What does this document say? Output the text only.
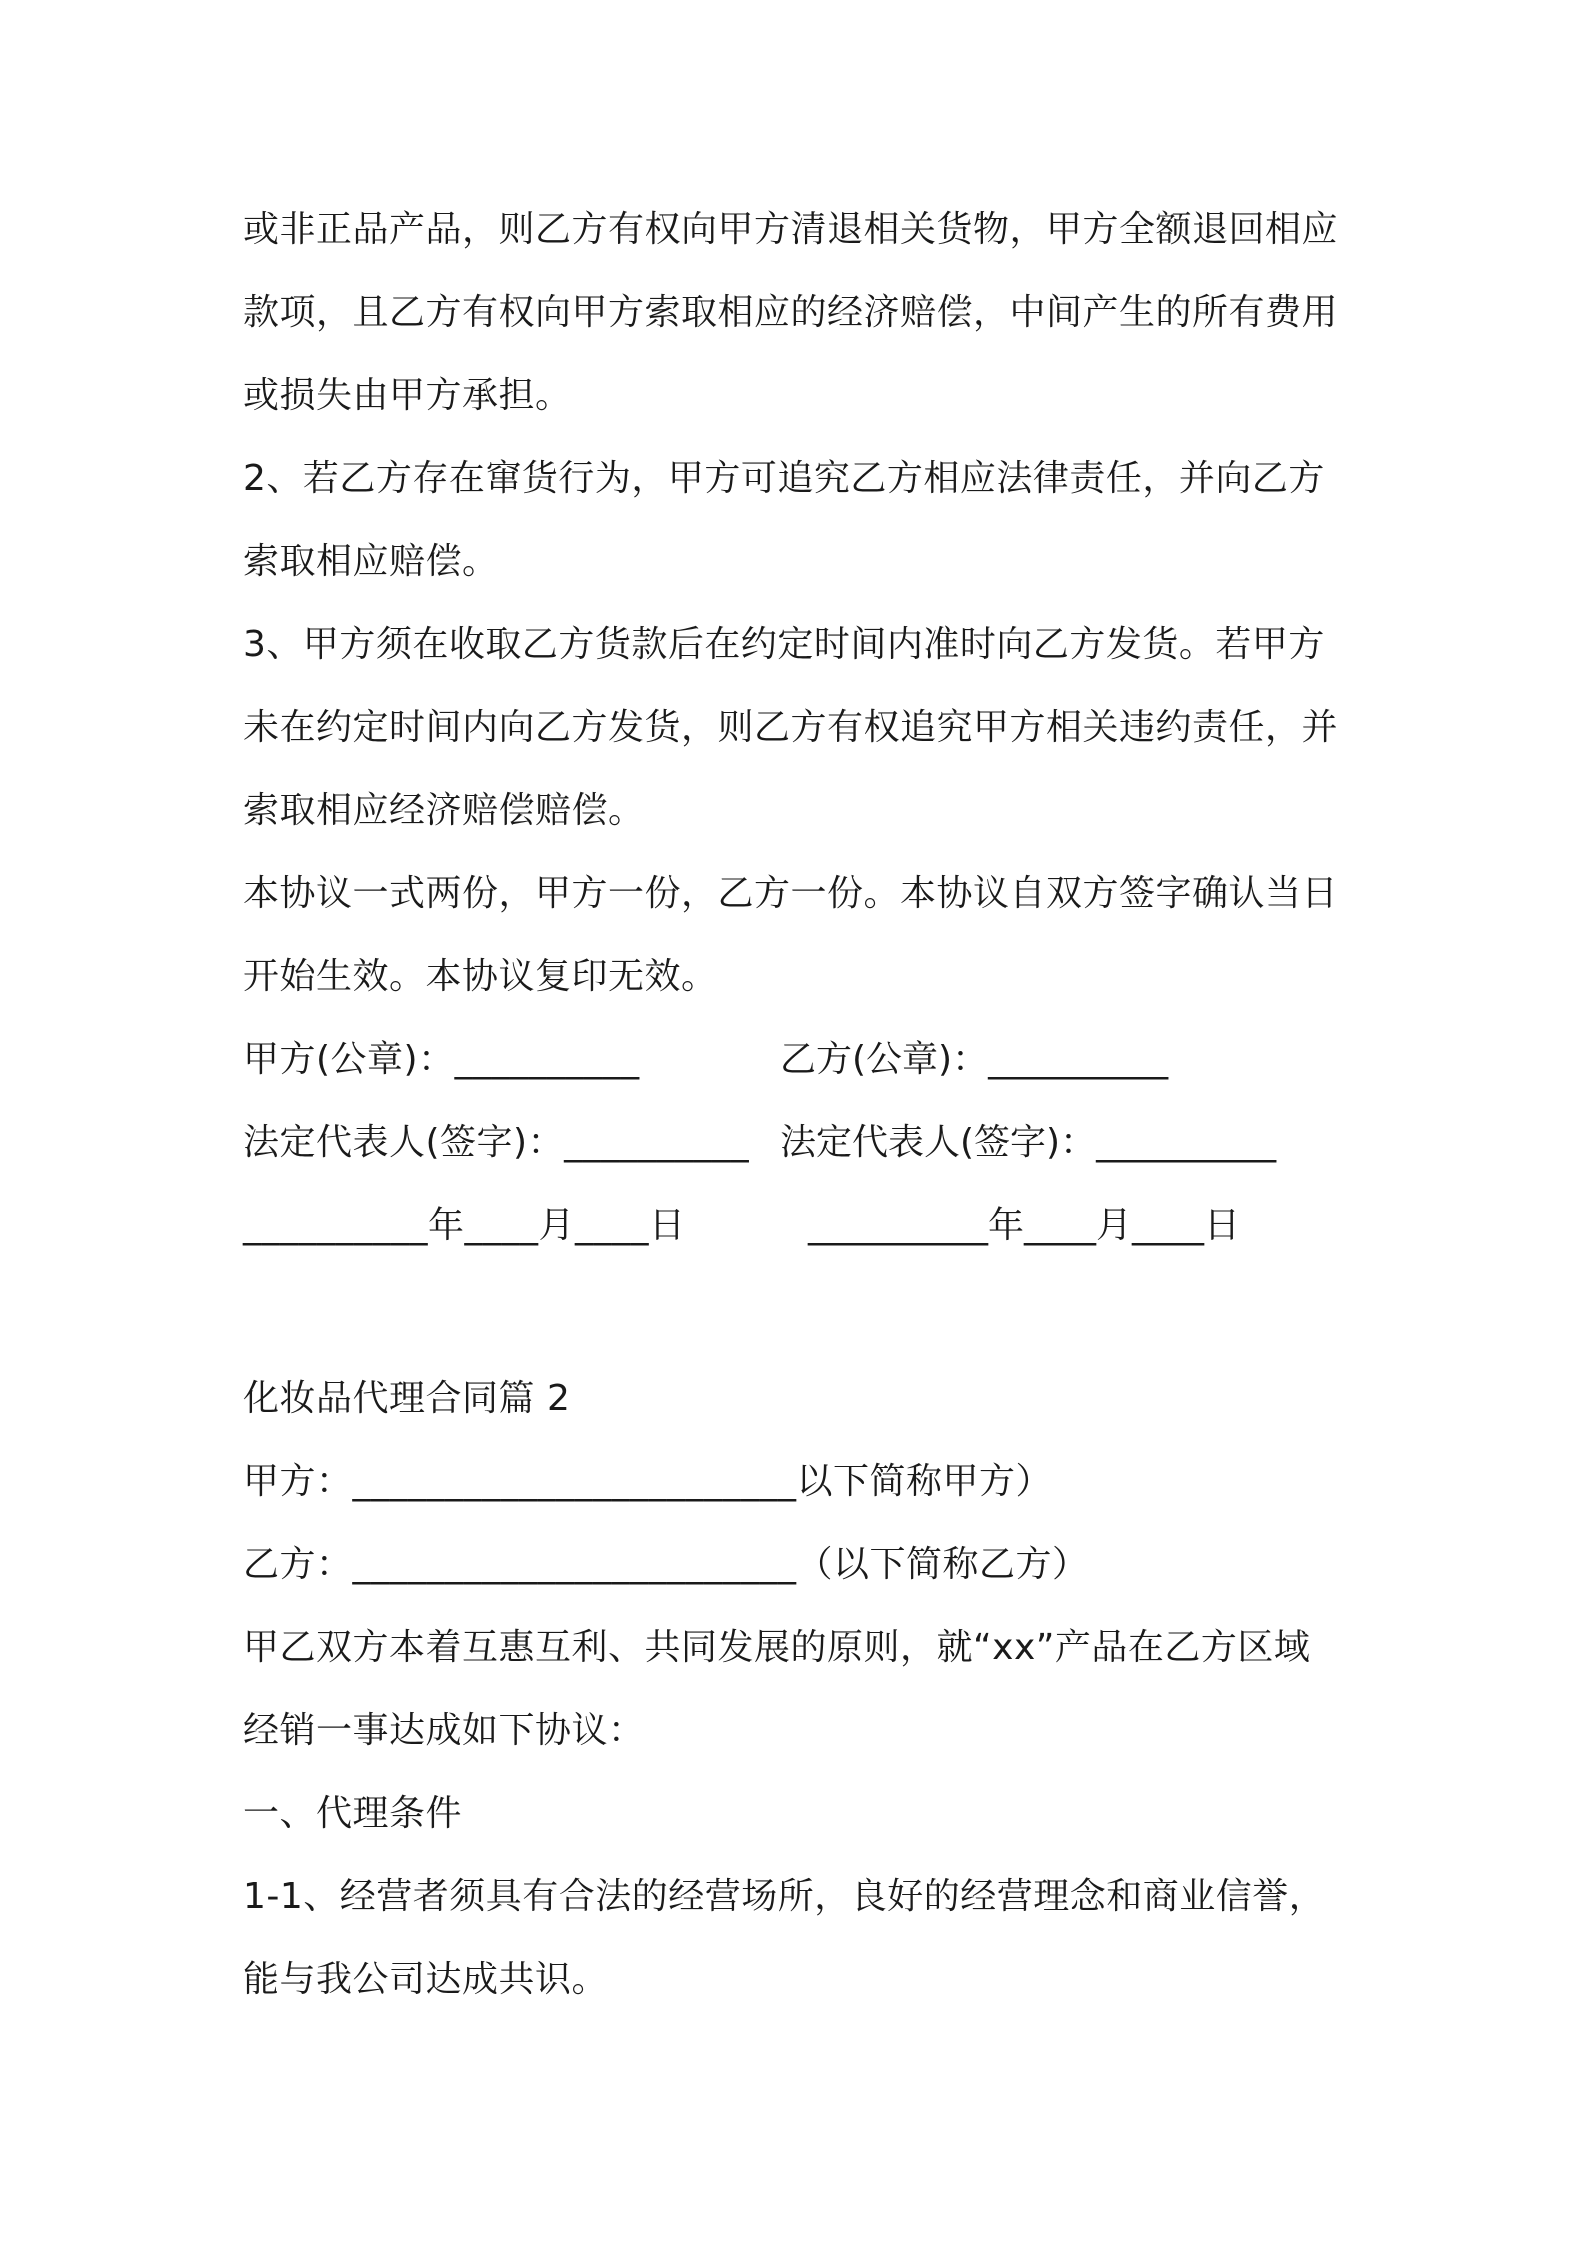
或非正品产品，则乙方有权向甲方清退相关货物，甲方全额退回相应
款项，且乙方有权向甲方索取相应的经济赔偿，中间产生的所有费用
或损失由甲方承担。
2、若乙方存在窜货行为，甲方可追究乙方相应法律责任，并向乙方
索取相应赔偿。
3、甲方须在收取乙方货款后在约定时间内准时向乙方发货。若甲方
未在约定时间内向乙方发货，则乙方有权追究甲方相关违约责任，并
索取相应经济赔偿赔偿。
本协议一式两份，甲方一份，乙方一份。本协议自双方签字确认当日
开始生效。本协议复印无效。
甲方(公章)：__________	乙方(公章)：__________
法定代表人(签字)：__________ 法定代表人(签字)：__________
__________年____月____日	__________年____月____日
化妆品代理合同篇 2
甲方：________________________以下简称甲方）
乙方：________________________（以下简称乙方）
甲乙双方本着互惠互利、共同发展的原则，就“xx”产品在乙方区域
经销一事达成如下协议：
一、代理条件
1-1、经营者须具有合法的经营场所，良好的经营理念和商业信誉，
能与我公司达成共识。
